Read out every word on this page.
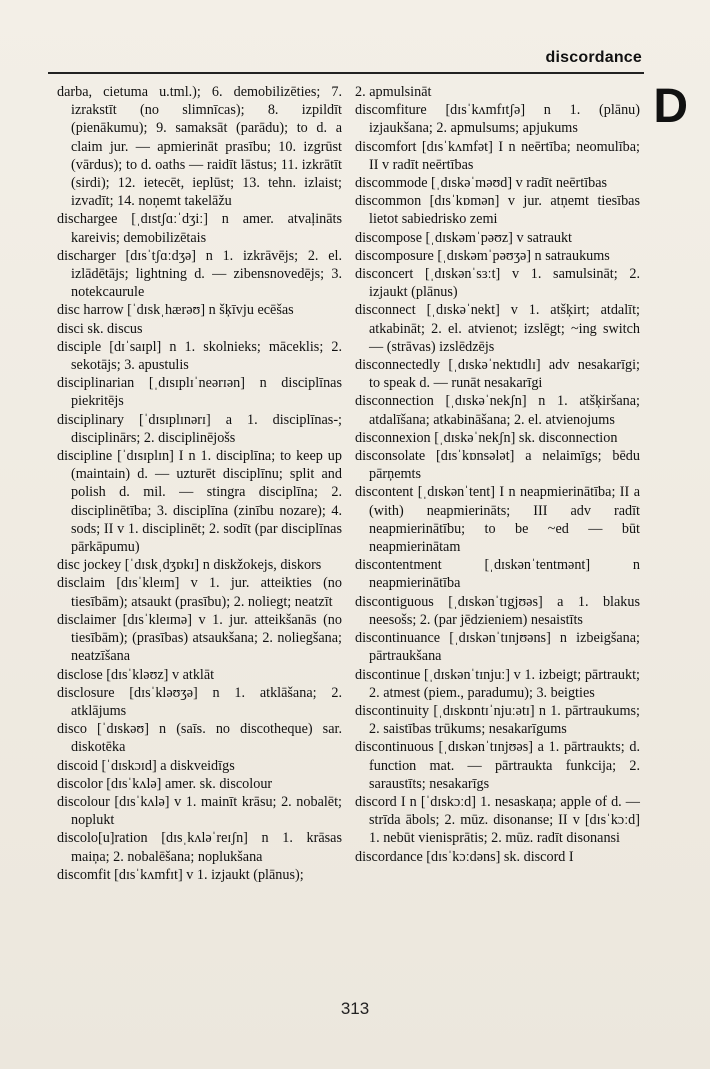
discordance
D

darba, cietuma u.tml.); 6. demobilizēties; 7. izrakstīt (no slimnīcas); 8. izpildīt (pienākumu); 9. samaksāt (parādu); to d. a claim jur. — apmierināt prasību; 10. izgrūst (vārdus); to d. oaths — raidīt lāstus; 11. izkrātīt (sirdi); 12. ietecēt, ieplūst; 13. tehn. izlaist; izvadīt; 14. noņemt takelāžu

dischargee [ˌdɪstʃɑːˈdʒiː] n amer. atvaļināts kareivis; demobilizētais

discharger [dɪsˈtʃɑːdʒə] n 1. izkrāvējs; 2. el. izlādētājs; lightning d. — zibensnovedējs; 3. notekcaurule

disc harrow [ˈdɪskˌhærəʊ] n šķīvju ecēšas

disci sk. discus

disciple [dɪˈsaɪpl] n 1. skolnieks; māceklis; 2. sekotājs; 3. apustulis

disciplinarian [ˌdɪsɪplɪˈneərɪən] n disciplīnas piekritējs

disciplinary [ˈdɪsɪplɪnərɪ] a 1. disciplīnas-; disciplinārs; 2. disciplinējošs

discipline [ˈdɪsɪplɪn] I n 1. disciplīna; to keep up (maintain) d. — uzturēt disciplīnu; split and polish d. mil. — stingra disciplīna; 2. disciplinētība; 3. disciplīna (zinību nozare); 4. sods; II v 1. disciplinēt; 2. sodīt (par disciplīnas pārkāpumu)

disc jockey [ˈdɪskˌdʒɒkɪ] n diskžokejs, diskors

disclaim [dɪsˈkleɪm] v 1. jur. atteikties (no tiesībām); atsaukt (prasību); 2. noliegt; neatzīt

disclaimer [dɪsˈkleɪmə] v 1. jur. atteikšanās (no tiesībām); (prasības) atsaukšana; 2. noliegšana; neatzīšana

disclose [dɪsˈkləʊz] v atklāt

disclosure [dɪsˈkləʊʒə] n 1. atklāšana; 2. atklājums

disco [ˈdɪskəʊ] n (saīs. no discotheque) sar. diskotēka

discoid [ˈdɪskɔɪd] a diskveidīgs

discolor [dɪsˈkʌlə] amer. sk. discolour

discolour [dɪsˈkʌlə] v 1. mainīt krāsu; 2. nobalēt; noplukt

discolo[u]ration [dɪsˌkʌləˈreɪʃn] n 1. krāsas maiņa; 2. nobalēšana; noplukšana

discomfit [dɪsˈkʌmfɪt] v 1. izjaukt (plānus);

2. apmulsināt

discomfiture [dɪsˈkʌmfɪtʃə] n 1. (plānu) izjaukšana; 2. apmulsums; apjukums

discomfort [dɪsˈkʌmfət] I n neērtība; neomulība; II v radīt neērtības

discommode [ˌdɪskəˈməʊd] v radīt neērtības

discommon [dɪsˈkɒmən] v jur. atņemt tiesības lietot sabiedrisko zemi

discompose [ˌdɪskəmˈpəʊz] v satraukt

discomposure [ˌdɪskəmˈpəʊʒə] n satraukums

disconcert [ˌdɪskənˈsɜːt] v 1. samulsināt; 2. izjaukt (plānus)

disconnect [ˌdɪskəˈnekt] v 1. atšķirt; atdalīt; atkabināt; 2. el. atvienot; izslēgt; ~ing switch — (strāvas) izslēdzējs

disconnectedly [ˌdɪskəˈnektɪdlɪ] adv nesakarīgi; to speak d. — runāt nesakarīgi

disconnection [ˌdɪskəˈnekʃn] n 1. atšķiršana; atdalīšana; atkabināšana; 2. el. atvienojums

disconnexion [ˌdɪskəˈnekʃn] sk. disconnection

disconsolate [dɪsˈkɒnsələt] a nelaimīgs; bēdu pārņemts

discontent [ˌdɪskənˈtent] I n neapmierinātība; II a (with) neapmierināts; III adv radīt neapmierinātību; to be ~ed — būt neapmierinātam

discontentment [ˌdɪskənˈtentmənt] n neapmierinātība

discontiguous [ˌdɪskənˈtɪgjʊəs] a 1. blakus neesošs; 2. (par jēdzieniem) nesaistīts

discontinuance [ˌdɪskənˈtɪnjʊəns] n izbeigšana; pārtraukšana

discontinue [ˌdɪskənˈtɪnjuː] v 1. izbeigt; pārtraukt; 2. atmest (piem., paradumu); 3. beigties

discontinuity [ˌdɪskɒntɪˈnjuːətɪ] n 1. pārtraukums; 2. saistības trūkums; nesakarīgums

discontinuous [ˌdɪskənˈtɪnjʊəs] a 1. pārtraukts; d. function mat. — pārtraukta funkcija; 2. saraustīts; nesakarīgs

discord I n [ˈdɪskɔːd] 1. nesaskaņa; apple of d. — strīda ābols; 2. mūz. disonanse; II v [dɪsˈkɔːd] 1. nebūt vienisprātis; 2. mūz. radīt disonansi

discordance [dɪsˈkɔːdəns] sk. discord I

313
